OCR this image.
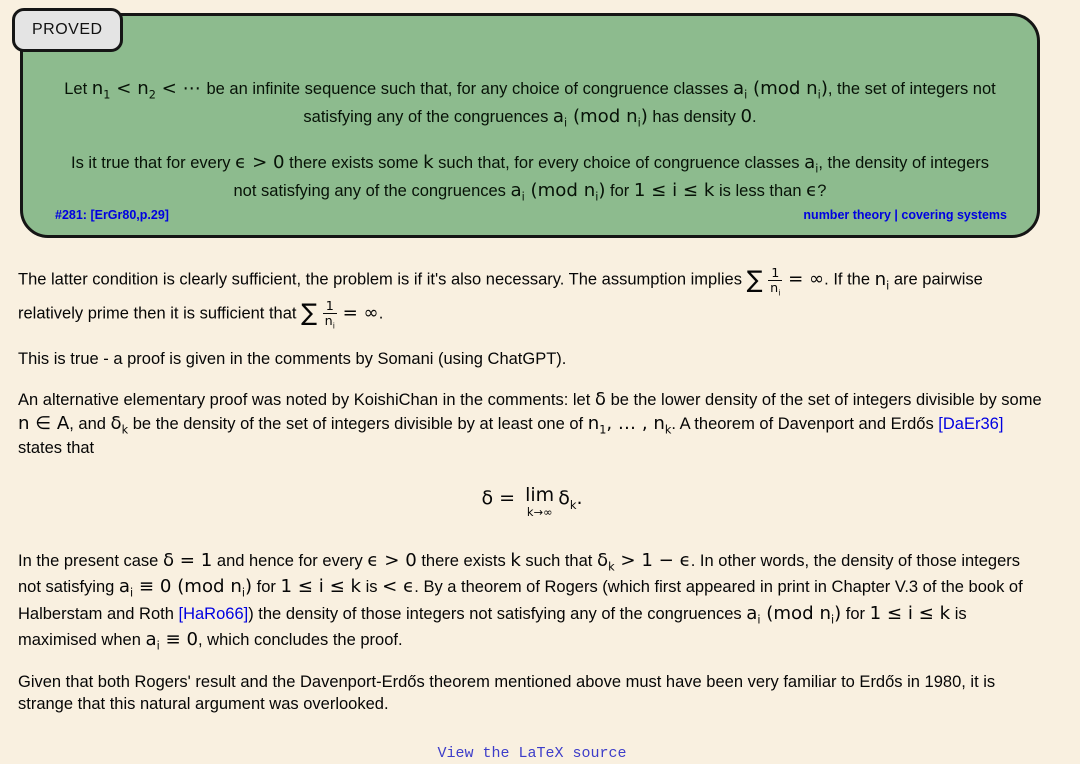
Let $n_1 < n_2$ < ⋯ be an infinite sequence such that, for any choice of congruence classes $a_i$ (mod $n_i$), the set of integers not satisfying any of the congruences $a_i$ (mod $n_i$) has density 0.
Is it true that for every ϵ > 0 there exists some k such that, for every choice of congruence classes $a_i$, the density of integers not satisfying any of the congruences $a_i$ (mod $n_i$) for 1 ≤ i ≤ k is less than ϵ?
#281: [ErGr80,p.29]	number theory | covering systems
PROVED

The latter condition is clearly sufficient, the problem is if it's also necessary. The assumption implies ∑ $\frac{1}{n_i}$ = ∞. If the $n_i$ are pairwise relatively prime then it is sufficient that ∑ $\frac{1}{n_i}$ = ∞.

This is true - a proof is given in the comments by Somani (using ChatGPT).

An alternative elementary proof was noted by KoishiChan in the comments: let δ be the lower density of the set of integers divisible by some n ∈ A, and $\delta_k$ be the density of the set of integers divisible by at least one of $n_1$, … , $n_k$. A theorem of Davenport and Erdős [DaEr36] states that

δ = lim
k→∞
$\delta_k$.

In the present case δ = 1 and hence for every ϵ > 0 there exists k such that $\delta_k > 1 - \epsilon$. In other words, the density of those integers not satisfying $a_i \equiv 0$ (mod $n_i$) for 1 ≤ i ≤ k is < ϵ. By a theorem of Rogers (which first appeared in print in Chapter V.3 of the book of Halberstam and Roth [HaRo66]) the density of those integers not satisfying any of the congruences $a_i$ (mod $n_i$) for 1 ≤ i ≤ k is maximised when $a_i \equiv 0$, which concludes the proof.

Given that both Rogers' result and the Davenport-Erdős theorem mentioned above must have been very familiar to Erdős in 1980, it is strange that this natural argument was overlooked.

View the LaTeX source
